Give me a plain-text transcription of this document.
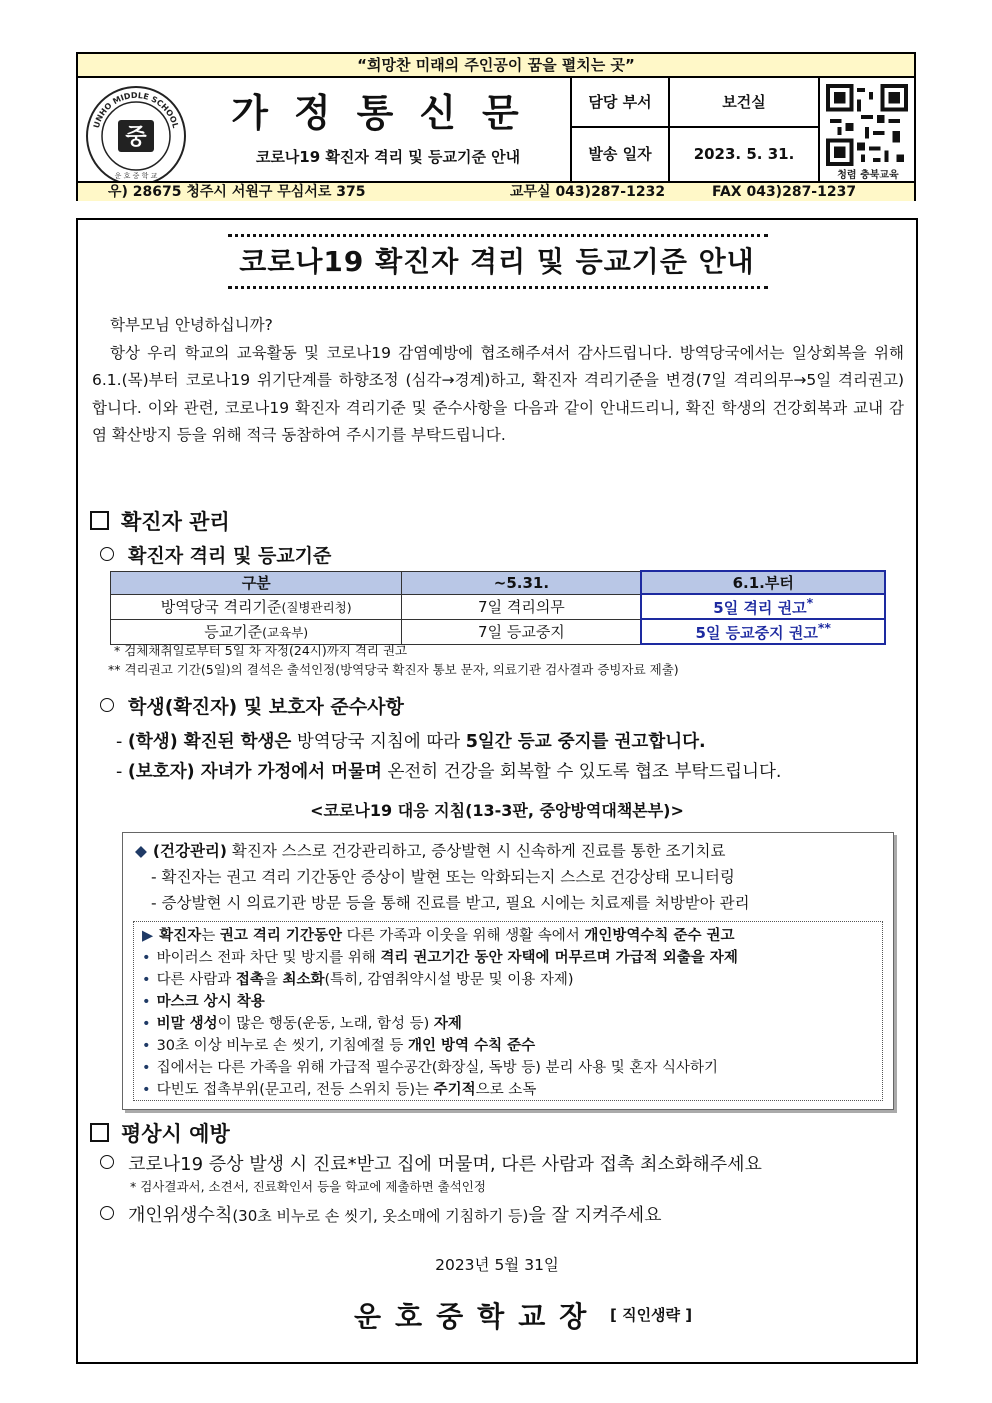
“희망찬 미래의 주인공이 꿈을 펼치는 곳”
UNHO MIDDLE SCHOOL
중
운 호 중 학 교
가정통신문
코로나19 확진자 격리 및 등교기준 안내
담당 부서	보건실
발송 일자	2023. 5. 31.
청렴 충북교육
우) 28675 청주시 서원구 무심서로 375	교무실 043)287-1232	FAX 043)287-1237
코로나19 확진자 격리 및 등교기준 안내

학부모님 안녕하십니까?

항상 우리 학교의 교육활동 및 코로나19 감염예방에 협조해주셔서 감사드립니다. 방역당국에서는 일상회복을 위해 6.1.(목)부터 코로나19 위기단계를 하향조정 (심각→경계)하고, 확진자 격리기준을 변경(7일 격리의무→5일 격리권고) 합니다. 이와 관련, 코로나19 확진자 격리기준 및 준수사항을 다음과 같이 안내드리니, 확진 학생의 건강회복과 교내 감염 확산방지 등을 위해 적극 동참하여 주시기를 부탁드립니다.

확진자 관리
확진자 격리 및 등교기준
구분	~5.31.	6.1.부터
방역당국 격리기준(질병관리청)	7일 격리의무	5일 격리 권고*
등교기준(교육부)	7일 등교중지	5일 등교중지 권고**
* 검체채취일로부터 5일 차 자정(24시)까지 격리 권고
** 격리권고 기간(5일)의 결석은 출석인정(방역당국 확진자 통보 문자, 의료기관 검사결과 증빙자료 제출)
학생(확진자) 및 보호자 준수사항
- (학생) 확진된 학생은 방역당국 지침에 따라 5일간 등교 중지를 권고합니다.
- (보호자) 자녀가 가정에서 머물며 온전히 건강을 회복할 수 있도록 협조 부탁드립니다.
<코로나19 대응 지침(13-3판, 중앙방역대책본부)>
◆ (건강관리) 확진자 스스로 건강관리하고, 증상발현 시 신속하게 진료를 통한 조기치료
- 확진자는 권고 격리 기간동안 증상이 발현 또는 악화되는지 스스로 건강상태 모니터링
- 증상발현 시 의료기관 방문 등을 통해 진료를 받고, 필요 시에는 치료제를 처방받아 관리
▶ 확진자는 권고 격리 기간동안 다른 가족과 이웃을 위해 생활 속에서 개인방역수칙 준수 권고
• 바이러스 전파 차단 및 방지를 위해 격리 권고기간 동안 자택에 머무르며 가급적 외출을 자제
• 다른 사람과 접촉을 최소화(특히, 감염취약시설 방문 및 이용 자제)
• 마스크 상시 착용
• 비말 생성이 많은 행동(운동, 노래, 함성 등) 자제
• 30초 이상 비누로 손 씻기, 기침예절 등 개인 방역 수칙 준수
• 집에서는 다른 가족을 위해 가급적 필수공간(화장실, 독방 등) 분리 사용 및 혼자 식사하기
• 다빈도 접촉부위(문고리, 전등 스위치 등)는 주기적으로 소독
평상시 예방
코로나19 증상 발생 시 진료*받고 집에 머물며, 다른 사람과 접촉 최소화해주세요
* 검사결과서, 소견서, 진료확인서 등을 학교에 제출하면 출석인정
개인위생수칙(30초 비누로 손 씻기, 옷소매에 기침하기 등)을 잘 지켜주세요
2023년 5월 31일
운호중학교장 [ 직인생략 ]
